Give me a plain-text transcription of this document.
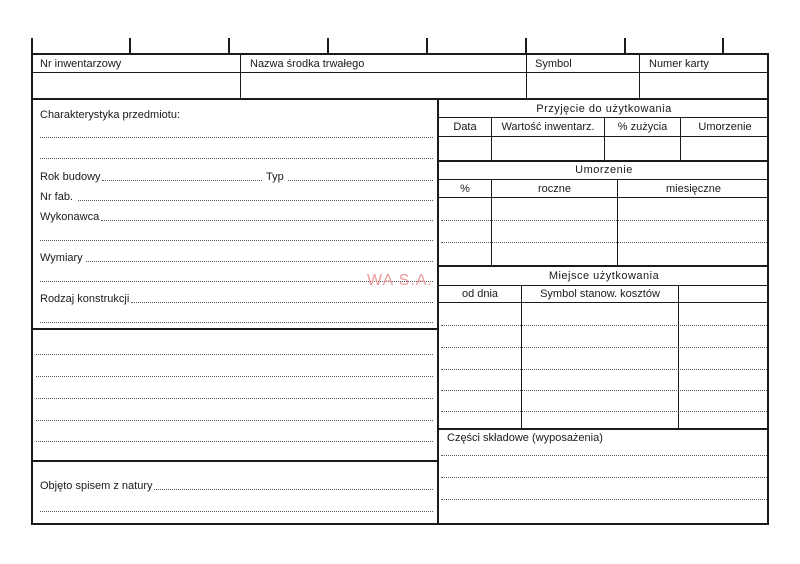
Nr inwentarzowy	Nazwa środka trwałego	Symbol	Numer karty
Charakterystyka przedmiotu:
Rok budowy	Typ
Nr fab.
Wykonawca
Wymiary
Rodzaj konstrukcji
Objęto spisem z natury
Przyjęcie do użytkowania
Data	Wartość inwentarz.	% zużycia	Umorzenie
Umorzenie
%	roczne	miesięczne
Miejsce użytkowania
od dnia	Symbol stanow. kosztów
Części składowe (wyposażenia)
WA S.A.
